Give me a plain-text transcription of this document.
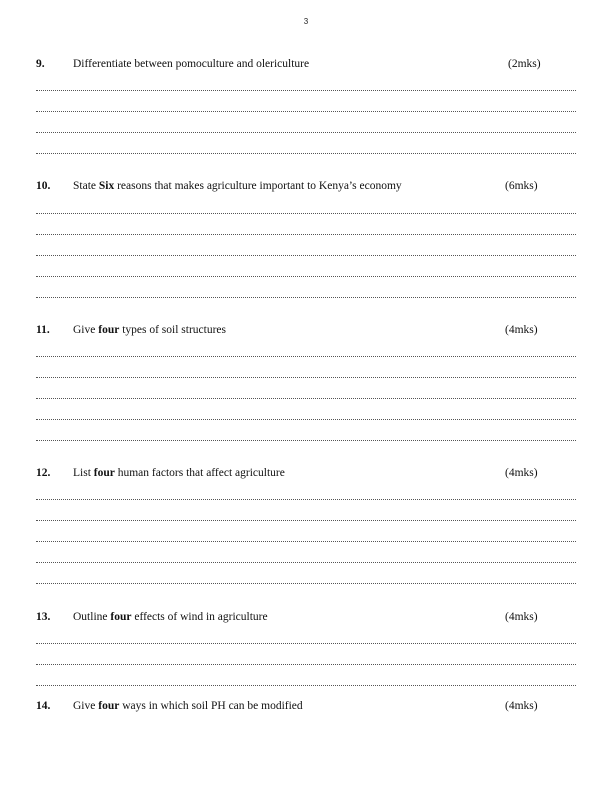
3
9. Differentiate between pomoculture and olericulture	(2mks)
10. State Six reasons that makes agriculture important to Kenya’s economy	(6mks)
11. Give four types of soil structures	(4mks)
12. List four human factors that affect agriculture	(4mks)
13. Outline four effects of wind in agriculture	(4mks)
14. Give four ways in which soil PH can be modified	(4mks)
